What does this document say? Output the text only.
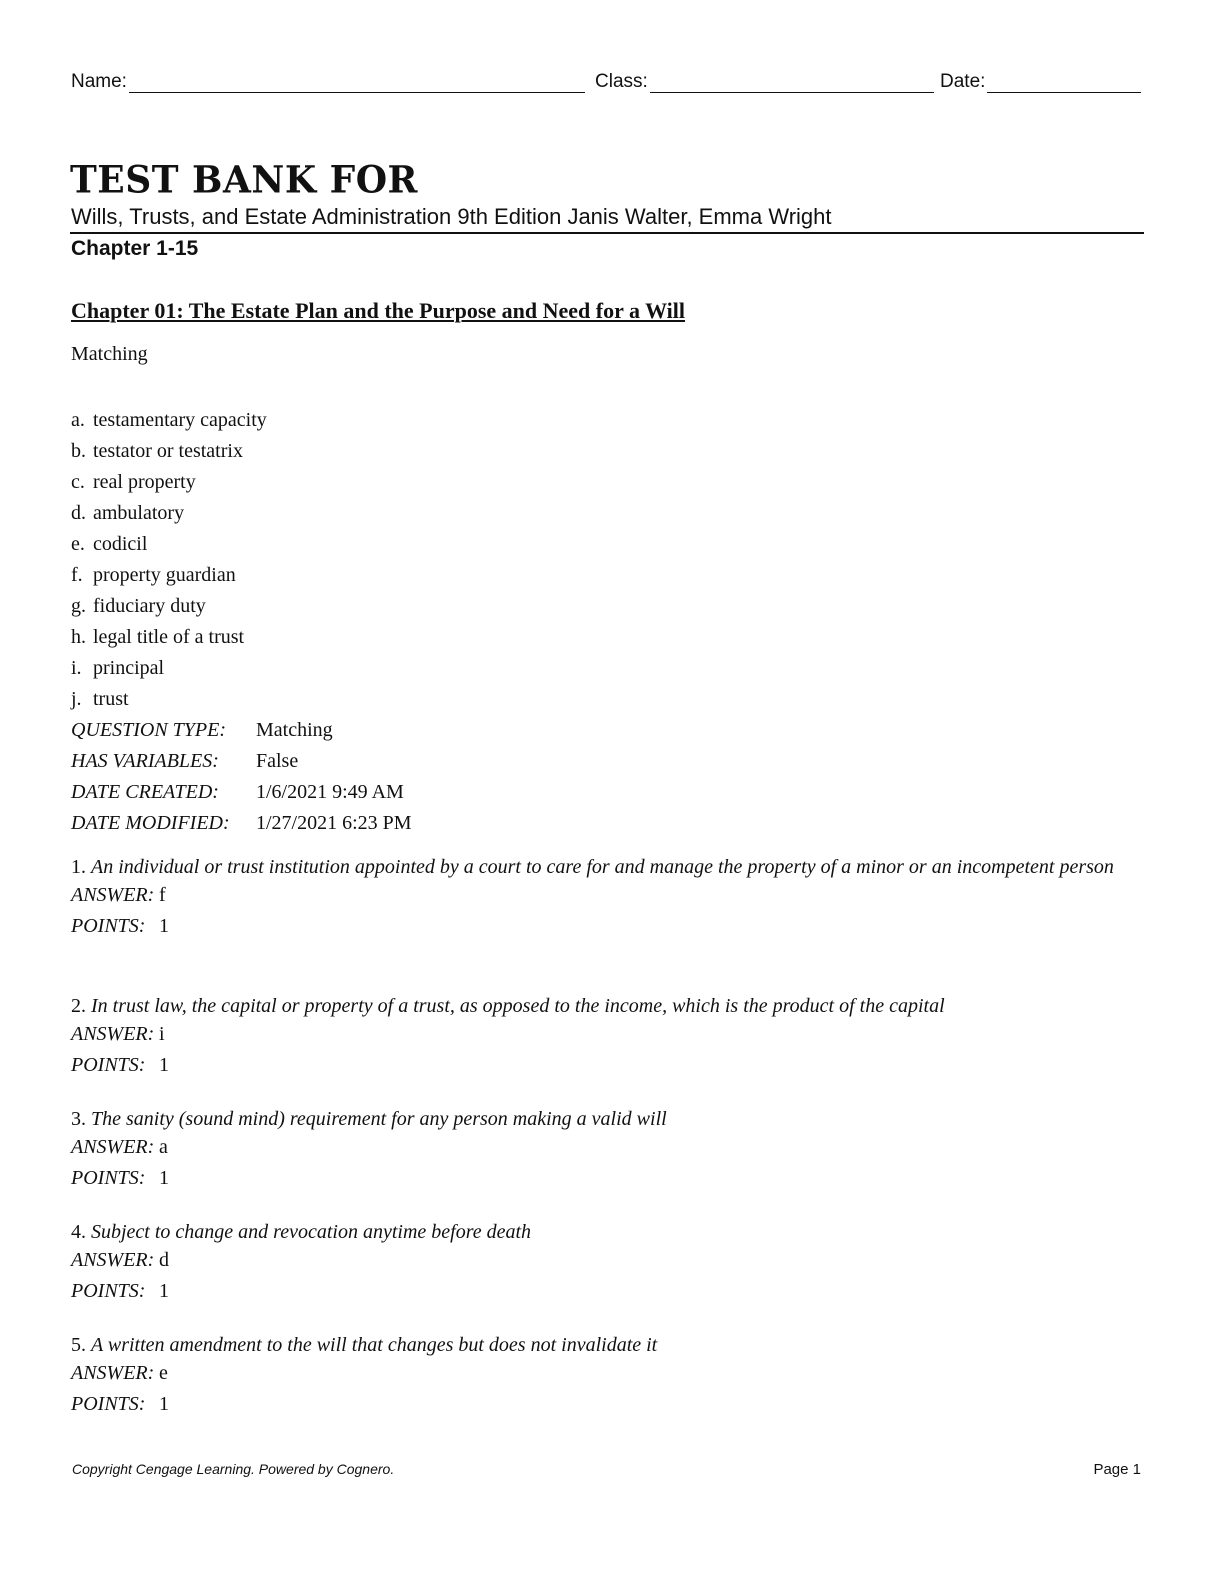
Name:	Class:	Date:
TEST BANK FOR
Wills, Trusts, and Estate Administration 9th Edition Janis Walter, Emma Wright
Chapter 1-15
Chapter 01: The Estate Plan and the Purpose and Need for a Will
Matching
a. testamentary capacity
b. testator or testatrix
c. real property
d. ambulatory
e. codicil
f. property guardian
g. fiduciary duty
h. legal title of a trust
i. principal
j. trust
QUESTION TYPE: Matching
HAS VARIABLES: False
DATE CREATED: 1/6/2021 9:49 AM
DATE MODIFIED: 1/27/2021 6:23 PM
1. An individual or trust institution appointed by a court to care for and manage the property of a minor or an incompetent person
ANSWER: f
POINTS: 1
2. In trust law, the capital or property of a trust, as opposed to the income, which is the product of the capital
ANSWER: i
POINTS: 1
3. The sanity (sound mind) requirement for any person making a valid will
ANSWER: a
POINTS: 1
4. Subject to change and revocation anytime before death
ANSWER: d
POINTS: 1
5. A written amendment to the will that changes but does not invalidate it
ANSWER: e
POINTS: 1
Copyright Cengage Learning. Powered by Cognero.	Page 1
